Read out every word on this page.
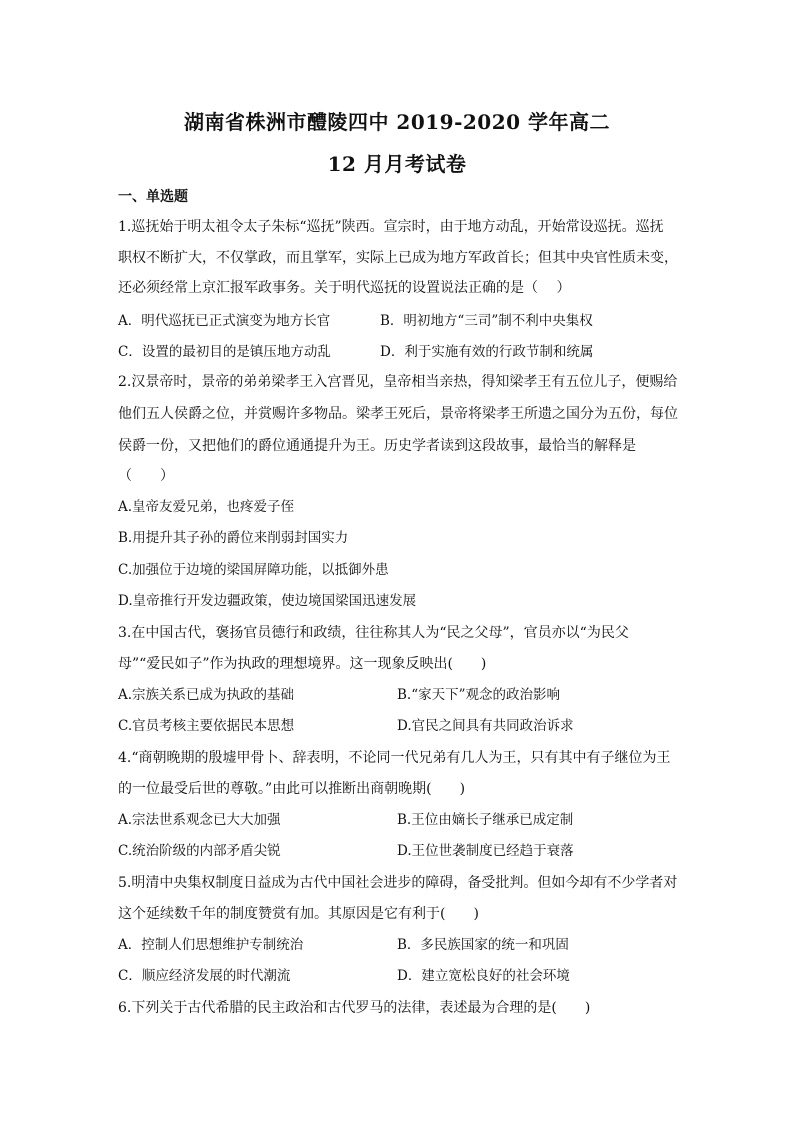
湖南省株洲市醴陵四中 2019-2020 学年高二
12 月月考试卷
一、单选题
1.巡抚始于明太祖令太子朱标“巡抚”陕西。宣宗时，由于地方动乱，开始常设巡抚。巡抚
职权不断扩大，不仅掌政，而且掌军，实际上已成为地方军政首长；但其中央官性质未变，
还必须经常上京汇报军政事务。关于明代巡抚的设置说法正确的是（　 ）
A．明代巡抚已正式演变为地方长官	B．明初地方“三司”制不利中央集权
C．设置的最初目的是镇压地方动乱	D．利于实施有效的行政节制和统属
2.汉景帝时，景帝的弟弟梁孝王入宫晋见，皇帝相当亲热，得知梁孝王有五位儿子，便赐给
他们五人侯爵之位，并赏赐许多物品。梁孝王死后，景帝将梁孝王所遗之国分为五份，每位
侯爵一份，又把他们的爵位通通提升为王。历史学者读到这段故事，最恰当的解释是
（　　）
A.皇帝友爱兄弟，也疼爱子侄
B.用提升其子孙的爵位来削弱封国实力
C.加强位于边境的梁国屏障功能，以抵御外患
D.皇帝推行开发边疆政策，使边境国梁国迅速发展
3.在中国古代，褒扬官员德行和政绩，往往称其人为“民之父母”，官员亦以“为民父
母”“爱民如子”作为执政的理想境界。这一现象反映出(　　)
A.宗族关系已成为执政的基础	B.“家天下”观念的政治影响
C.官员考核主要依据民本思想	D.官民之间具有共同政治诉求
4.“商朝晚期的殷墟甲骨卜、辞表明，不论同一代兄弟有几人为王，只有其中有子继位为王
的一位最受后世的尊敬。”由此可以推断出商朝晚期(　　)
A.宗法世系观念已大大加强	B.王位由嫡长子继承已成定制
C.统治阶级的内部矛盾尖锐	D.王位世袭制度已经趋于衰落
5.明清中央集权制度日益成为古代中国社会进步的障碍，备受批判。但如今却有不少学者对
这个延续数千年的制度赞赏有加。其原因是它有利于(　　)
A．控制人们思想维护专制统治	B．多民族国家的统一和巩固
C．顺应经济发展的时代潮流	D．建立宽松良好的社会环境
6.下列关于古代希腊的民主政治和古代罗马的法律，表述最为合理的是(　　)
